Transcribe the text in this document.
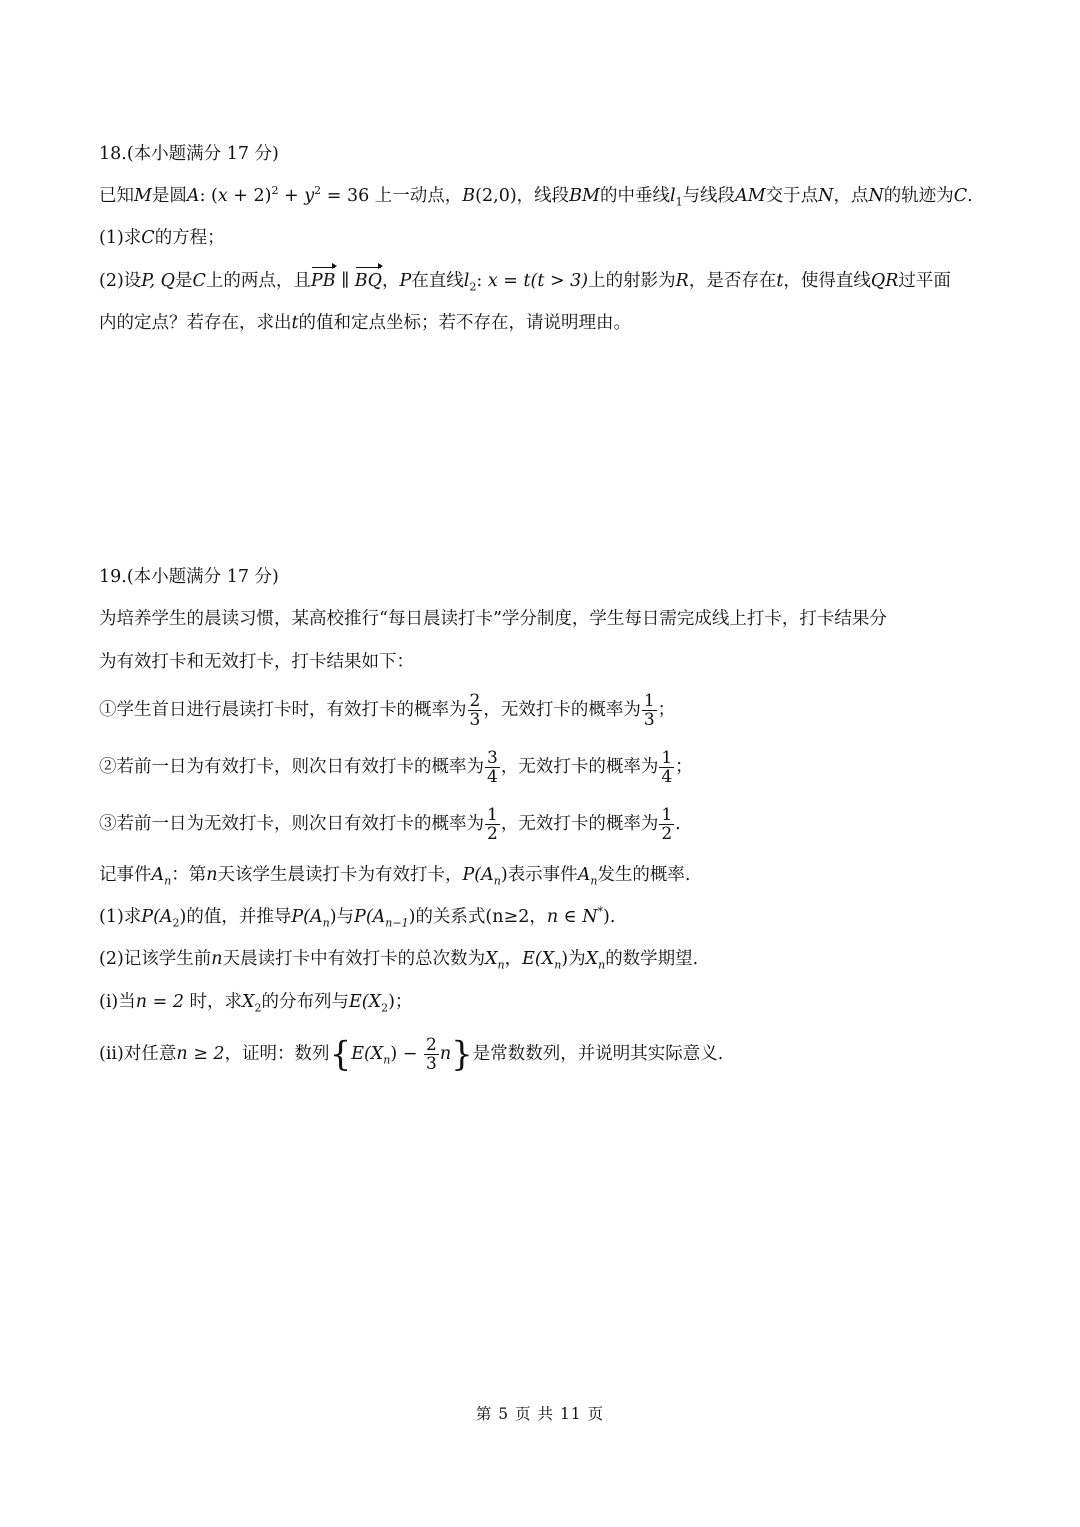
18.(本小题满分 17 分)
已知M是圆A: $(x + 2)^2 + y^2 = 36$ 上一动点，B(2,0)，线段BM的中垂线$l_1$与线段AM交于点N，点N的轨迹为C.
(1)求C的方程；
(2)设P, Q是C上的两点，且PB ∥ BQ，P在直线$l_2$: x = t(t > 3)上的射影为R，是否存在t，使得直线QR过平面
内的定点？若存在，求出t的值和定点坐标；若不存在，请说明理由。
19.(本小题满分 17 分)
为培养学生的晨读习惯，某高校推行“每日晨读打卡”学分制度，学生每日需完成线上打卡，打卡结果分
为有效打卡和无效打卡，打卡结果如下：
①学生首日进行晨读打卡时，有效打卡的概率为 $\frac{2}{3}$ ，无效打卡的概率为 $\frac{1}{3}$ ；
②若前一日为有效打卡，则次日有效打卡的概率为 $\frac{3}{4}$ ，无效打卡的概率为 $\frac{1}{4}$ ；
③若前一日为无效打卡，则次日有效打卡的概率为 $\frac{1}{2}$ ，无效打卡的概率为 $\frac{1}{2}$ .
记事件$A_n$：第n天该学生晨读打卡为有效打卡，$P(A_n)$表示事件$A_n$发生的概率.
(1)求$P(A_2)$的值，并推导$P(A_n)$与$P(A_{n-1})$的关系式(n≥2，n ∈ N*).
(2)记该学生前n天晨读打卡中有效打卡的总次数为$X_n$，$E(X_n)$为$X_n$的数学期望.
(i)当n = 2 时，求$X_2$的分布列与$E(X_2)$；
(ii)对任意n ≥ 2，证明：数列$\{E(X_n) - \frac{2}{3} n\}$是常数数列，并说明其实际意义.
第 5 页 共 11 页
